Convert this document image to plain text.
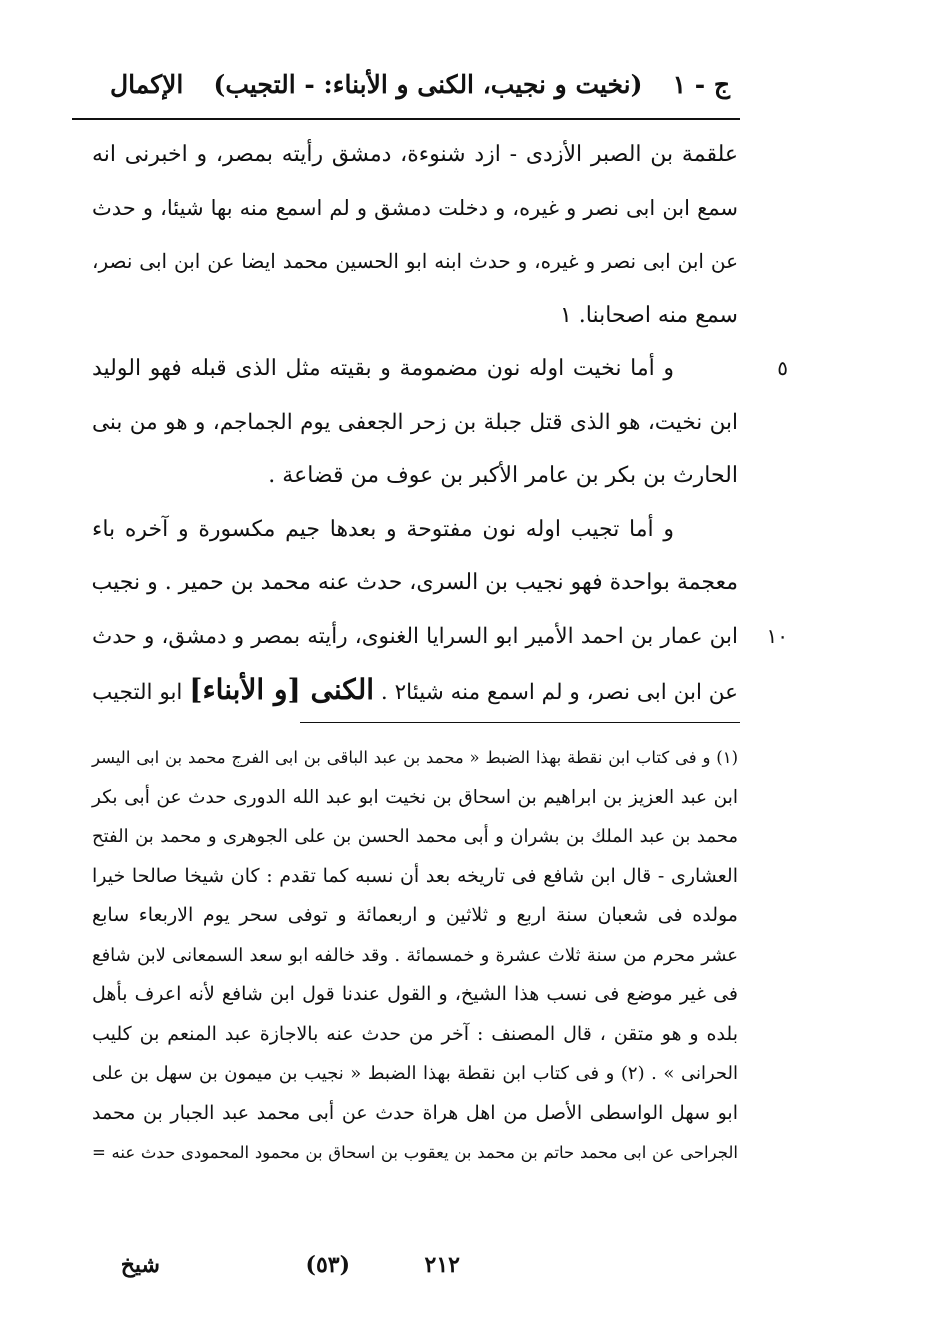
ج - ١
(نخيت و نجيب، الكنى و الأبناء: - التجيب)
الإكمال
علقمة بن الصبر الأزدى - ازد شنوءة، دمشق رأيته بمصر، و اخبرنى انه
سمع ابن ابى نصر و غيره، و دخلت دمشق و لم اسمع منه بها شيئا، و حدث
عن ابن ابى نصر و غيره، و حدث ابنه ابو الحسين محمد ايضا عن ابن ابى نصر،
سمع منه اصحابنا. ١
و أما نخيت اوله نون مضمومة و بقيته مثل الذى قبله فهو الوليد	٥
ابن نخيت، هو الذى قتل جبلة بن زحر الجعفى يوم الجماجم، و هو من بنى
الحارث بن بكر بن عامر الأكبر بن عوف من قضاعة .
و أما تجيب اوله نون مفتوحة و بعدها جيم مكسورة و آخره باء
معجمة بواحدة فهو نجيب بن السرى، حدث عنه محمد بن حمير . و نجيب
ابن عمار بن احمد الأمير ابو السرايا الغنوى، رأيته بمصر و دمشق، و حدث ١٠
عن ابن ابى نصر، و لم اسمع منه شيئا٢ . الكنى [و الأبناء] ابو التجيب
(١) و فى كتاب ابن نقطة بهذا الضبط « محمد بن عبد الباقى بن ابى الفرج محمد بن ابى اليسر
ابن عبد العزيز بن ابراهيم بن اسحاق بن نخيت ابو عبد الله الدورى حدث عن أبى بكر
محمد بن عبد الملك بن بشران و أبى محمد الحسن بن على الجوهرى و محمد بن الفتح
العشارى - قال ابن شافع فى تاريخه بعد أن نسبه كما تقدم : كان شيخا صالحا خيرا
مولده فى شعبان سنة اربع و ثلاثين و اربعمائة و توفى سحر يوم الاربعاء سابع
عشر محرم من سنة ثلاث عشرة و خمسمائة . وقد خالفه ابو سعد السمعانى لابن شافع
فى غير موضع فى نسب هذا الشيخ، و القول عندنا قول ابن شافع لأنه اعرف بأهل
بلده و هو متقن ، قال المصنف : آخر من حدث عنه بالاجازة عبد المنعم بن كليب
الحرانى » . (٢) و فى كتاب ابن نقطة بهذا الضبط « نجيب بن ميمون بن سهل بن على
ابو سهل الواسطى الأصل من اهل هراة حدث عن أبى محمد عبد الجبار بن محمد
الجراحى عن ابى محمد حاتم بن محمد بن يعقوب بن اسحاق بن محمود المحمودى حدث عنه =
٢١٢
(٥٣)
شيخ
